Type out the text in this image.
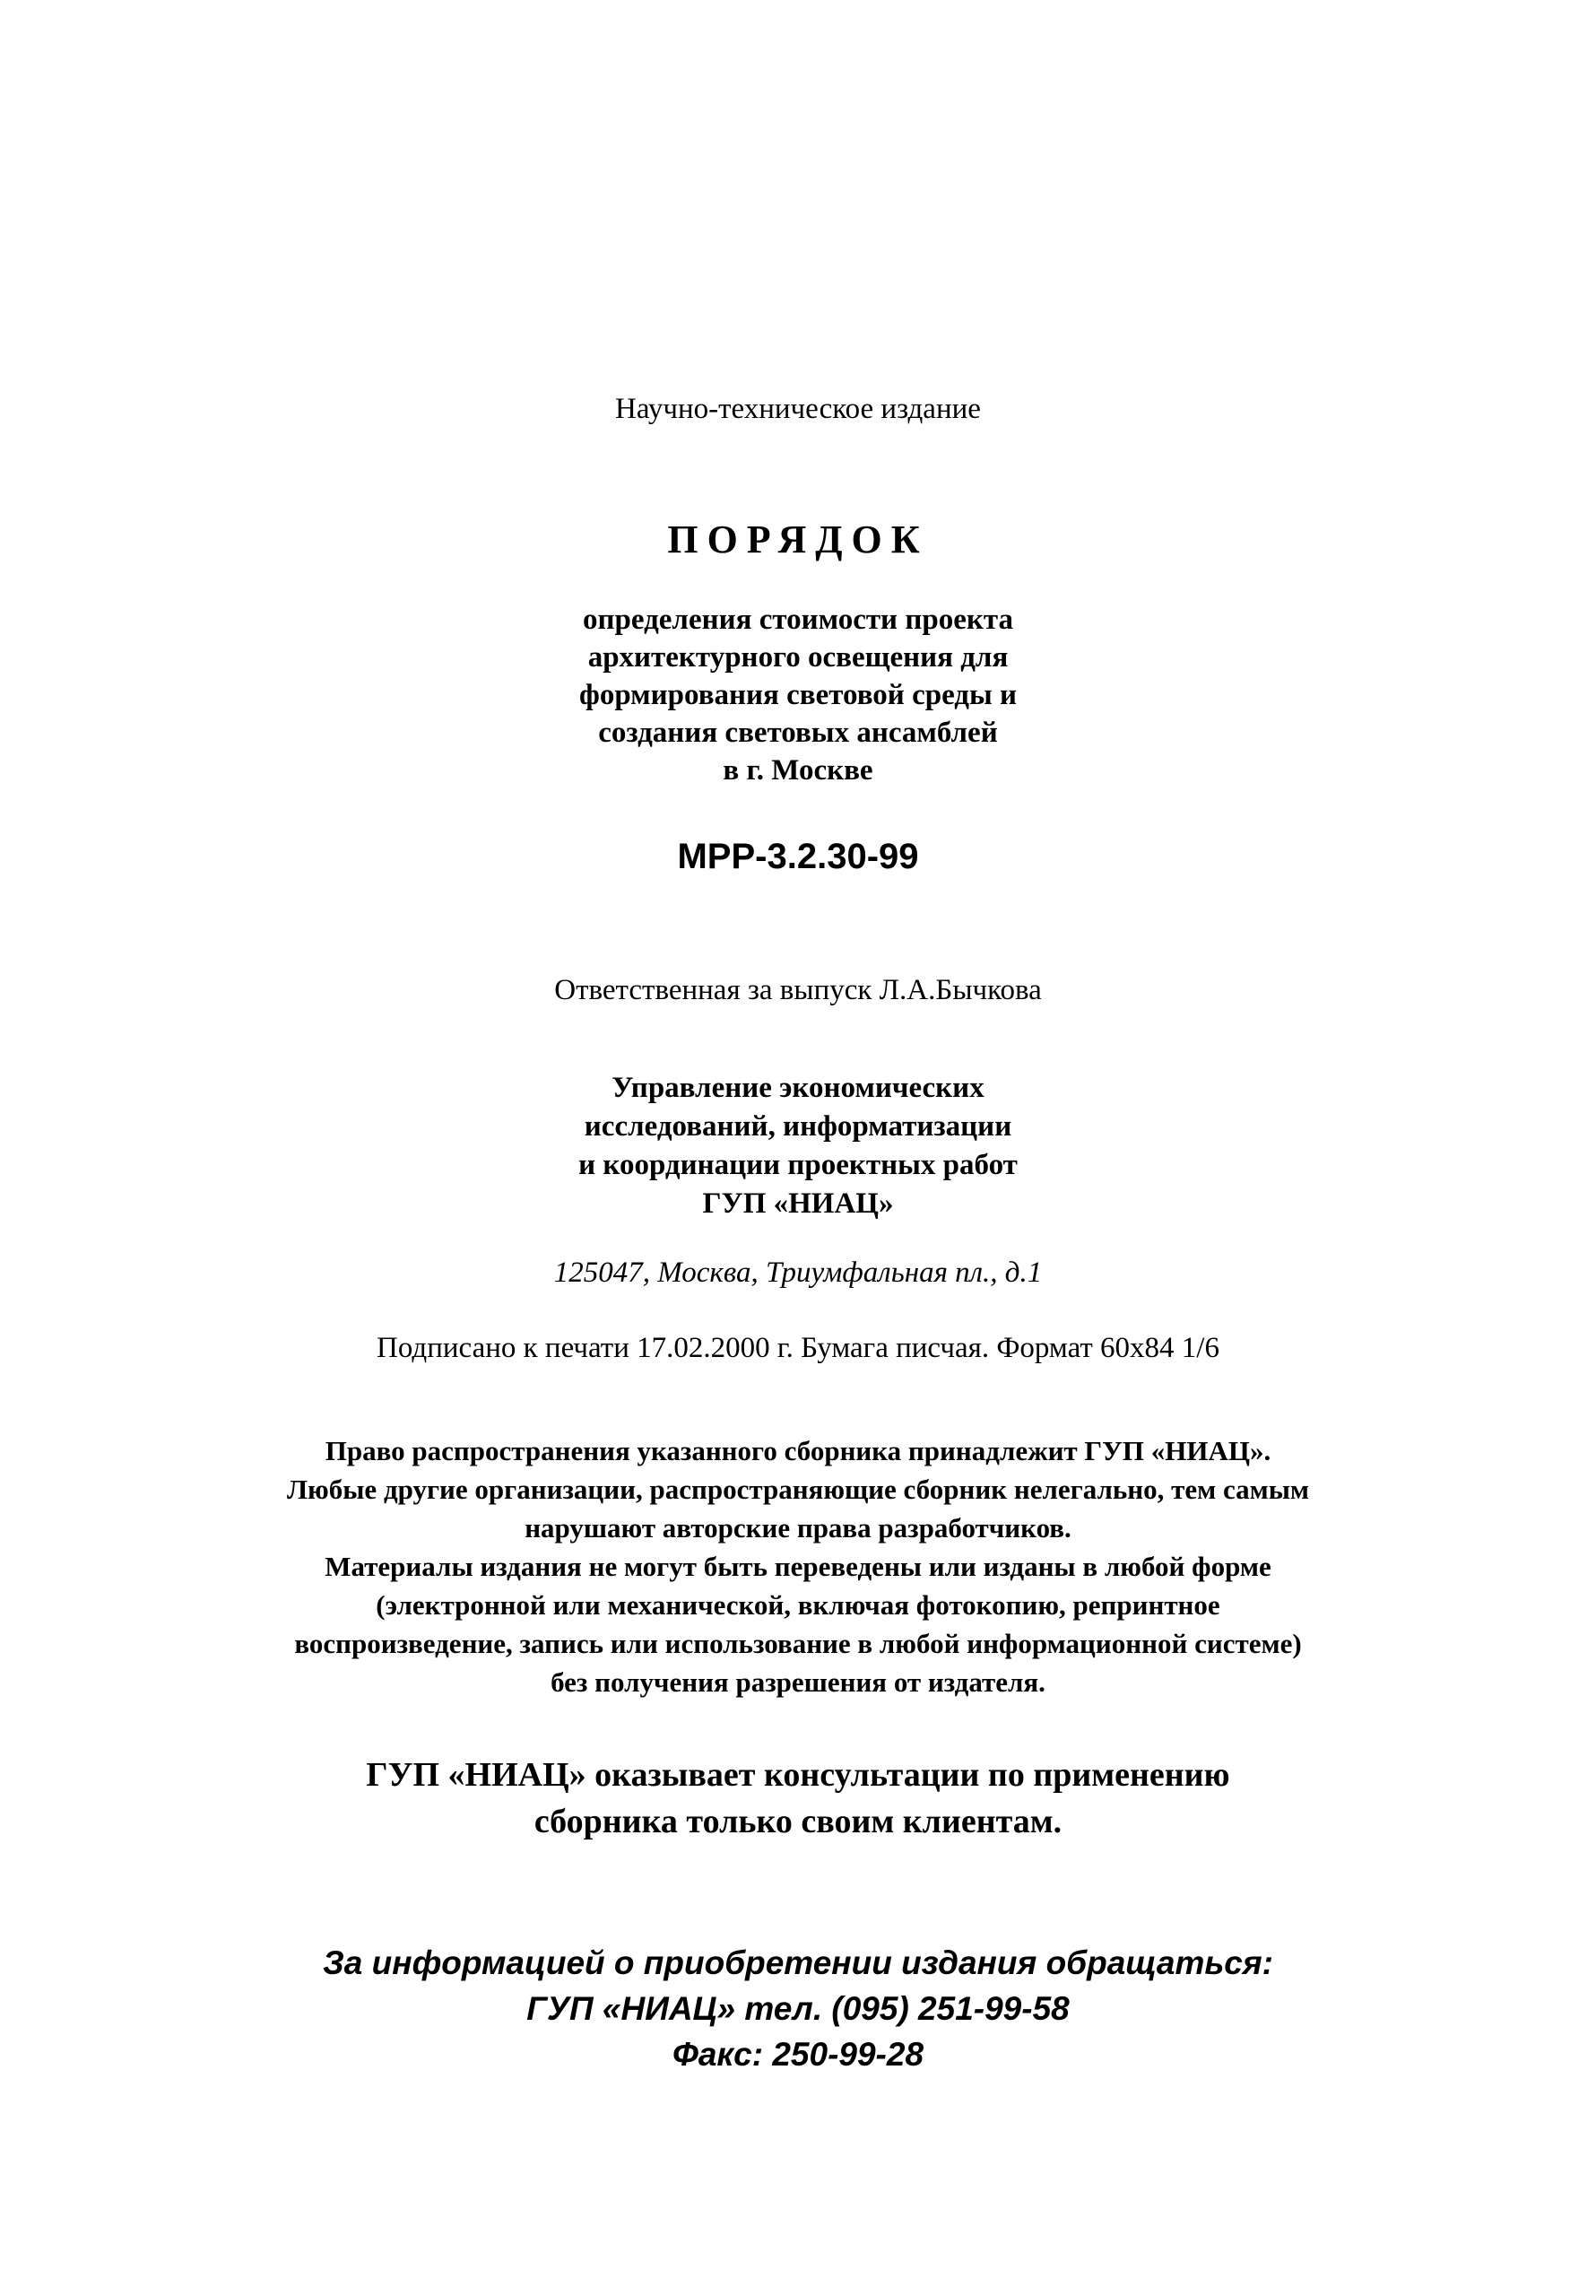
Научно-техническое издание
ПОРЯДОК
определения стоимости проекта
архитектурного освещения для
формирования световой среды и
создания световых ансамблей
в г. Москве
МРР-3.2.30-99
Ответственная за выпуск Л.А.Бычкова
Управление экономических
исследований, информатизации
и координации проектных работ
ГУП «НИАЦ»
125047, Москва, Триумфальная пл., д.1
Подписано к печати 17.02.2000 г. Бумага писчая. Формат 60x84 1/6
Право распространения указанного сборника принадлежит ГУП «НИАЦ».
Любые другие организации, распространяющие сборник нелегально, тем самым
нарушают авторские права разработчиков.
Материалы издания не могут быть переведены или изданы в любой форме
(электронной или механической, включая фотокопию, репринтное
воспроизведение, запись или использование в любой информационной системе)
без получения разрешения от издателя.
ГУП «НИАЦ» оказывает консультации по применению
сборника только своим клиентам.
За информацией о приобретении издания обращаться:
ГУП «НИАЦ» тел. (095) 251-99-58
Факс: 250-99-28
